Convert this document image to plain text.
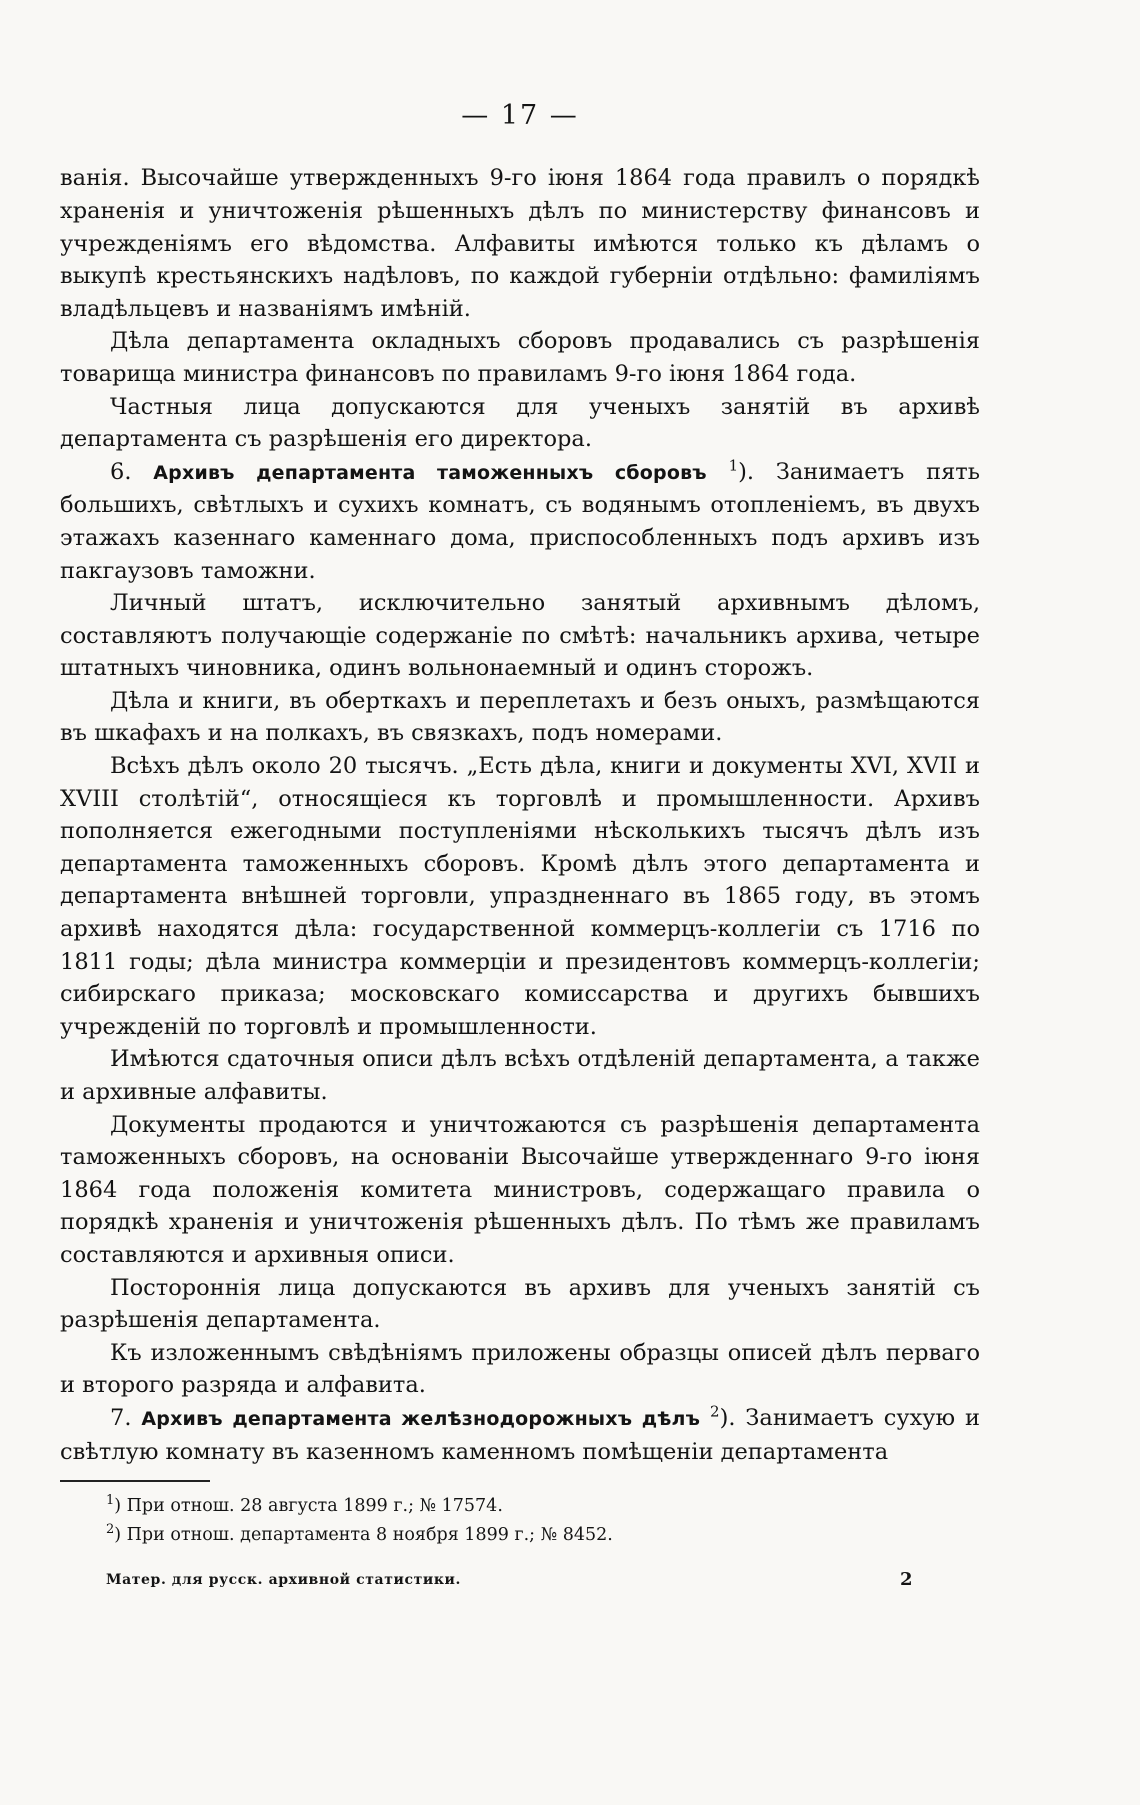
— 17 —

ванія. Высочайше утвержденныхъ 9-го іюня 1864 года правилъ о порядкѣ храненія и уничтоженія рѣшенныхъ дѣлъ по министерству финансовъ и учрежденіямъ его вѣдомства. Алфавиты имѣются только къ дѣламъ о выкупѣ крестьянскихъ надѣловъ, по каждой губерніи отдѣльно: фамиліямъ владѣльцевъ и названіямъ имѣній.

Дѣла департамента окладныхъ сборовъ продавались съ разрѣшенія товарища министра финансовъ по правиламъ 9-го іюня 1864 года.

Частныя лица допускаются для ученыхъ занятій въ архивѣ департамента съ разрѣшенія его директора.

6. Архивъ департамента таможенныхъ сборовъ $^1$). Занимаетъ пять большихъ, свѣтлыхъ и сухихъ комнатъ, съ водянымъ отопленіемъ, въ двухъ этажахъ казеннаго каменнаго дома, приспособленныхъ подъ архивъ изъ пакгаузовъ таможни.

Личный штатъ, исключительно занятый архивнымъ дѣломъ, составляютъ получающіе содержаніе по смѣтѣ: начальникъ архива, четыре штатныхъ чиновника, одинъ вольнонаемный и одинъ сторожъ.

Дѣла и книги, въ оберткахъ и переплетахъ и безъ оныхъ, размѣщаются въ шкафахъ и на полкахъ, въ связкахъ, подъ номерами.

Всѣхъ дѣлъ около 20 тысячъ. „Есть дѣла, книги и документы XVI, XVII и XVIII столѣтій“, относящіеся къ торговлѣ и промышленности. Архивъ пополняется ежегодными поступленіями нѣсколькихъ тысячъ дѣлъ изъ департамента таможенныхъ сборовъ. Кромѣ дѣлъ этого департамента и департамента внѣшней торговли, упраздненнаго въ 1865 году, въ этомъ архивѣ находятся дѣла: государственной коммерцъ-коллегіи съ 1716 по 1811 годы; дѣла министра коммерціи и президентовъ коммерцъ-коллегіи; сибирскаго приказа; московскаго комиссарства и другихъ бывшихъ учрежденій по торговлѣ и промышленности.

Имѣются сдаточныя описи дѣлъ всѣхъ отдѣленій департамента, а также и архивные алфавиты.

Документы продаются и уничтожаются съ разрѣшенія департамента таможенныхъ сборовъ, на основаніи Высочайше утвержденнаго 9-го іюня 1864 года положенія комитета министровъ, содержащаго правила о порядкѣ храненія и уничтоженія рѣшенныхъ дѣлъ. По тѣмъ же правиламъ составляются и архивныя описи.

Постороннія лица допускаются въ архивъ для ученыхъ занятій съ разрѣшенія департамента.

Къ изложеннымъ свѣдѣніямъ приложены образцы описей дѣлъ перваго и второго разряда и алфавита.

7. Архивъ департамента желѣзнодорожныхъ дѣлъ $^2$). Занимаетъ сухую и свѣтлую комнату въ казенномъ каменномъ помѣщеніи департамента

$^1$) При отнош. 28 августа 1899 г.; № 17574.
$^2$) При отнош. департамента 8 ноября 1899 г.; № 8452.
Матер. для русск. архивной статистики.	2
